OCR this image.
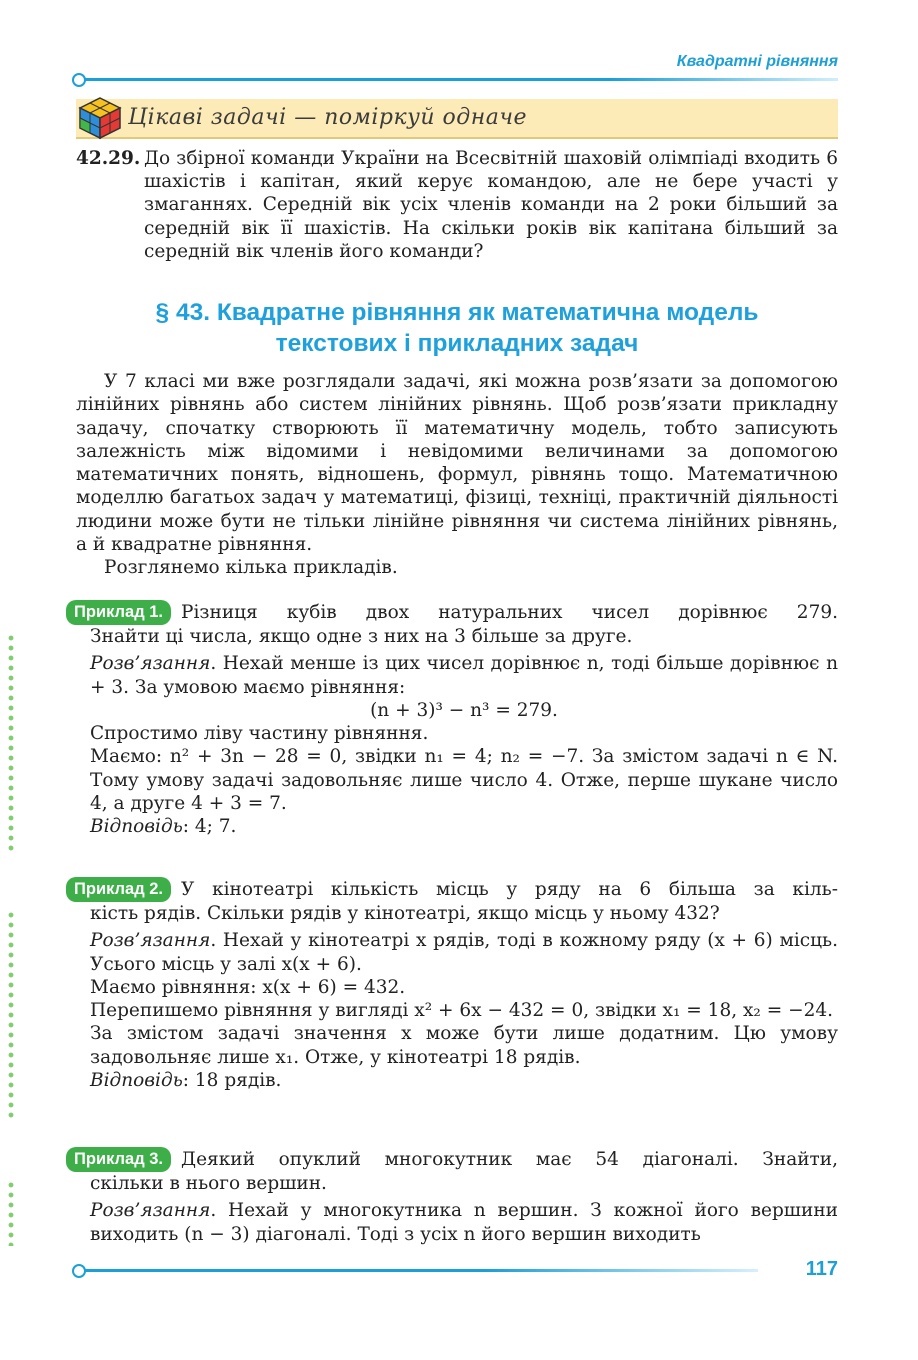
Квадратні рівняння
Цікаві задачі — поміркуй одначе
42.29. До збірної команди України на Всесвітній шаховій олімпіаді входить 6 шахістів і капітан, який керує командою, але не бере участі у змаганнях. Середній вік усіх членів команди на 2 роки більший за середній вік її шахістів. На скільки років вік капітана більший за середній вік членів його команди?
§ 43. Квадратне рівняння як математична модель
текстових і прикладних задач

У 7 класі ми вже розглядали задачі, які можна розв’язати за допомогою лінійних рівнянь або систем лінійних рівнянь. Щоб розв’язати прикладну задачу, спочатку створюють її математичну модель, тобто записують залежність між відомими і невідомими величинами за допомогою математичних понять, відношень, формул, рівнянь тощо. Математичною моделлю багатьох задач у математиці, фізиці, техніці, практичній діяльності людини може бути не тільки лінійне рівняння чи система лінійних рівнянь, а й квадратне рівняння.

Розглянемо кілька прикладів.

Приклад 1. Різниця кубів двох натуральних чисел дорівнює 279.

Знайти ці числа, якщо одне з них на 3 більше за друге.

Розв’язання. Нехай менше із цих чисел дорівнює n, тоді більше дорівнює n + 3. За умовою маємо рівняння:

(n + 3)³ − n³ = 279.

Спростимо ліву частину рівняння.

Маємо: n² + 3n − 28 = 0, звідки n₁ = 4; n₂ = −7. За змістом задачі n ∈ N. Тому умову задачі задовольняє лише число 4. Отже, перше шукане число 4, а друге 4 + 3 = 7.

Відповідь: 4; 7.

Приклад 2. У кінотеатрі кількість місць у ряду на 6 більша за кіль-

кість рядів. Скільки рядів у кінотеатрі, якщо місць у ньому 432?

Розв’язання. Нехай у кінотеатрі x рядів, тоді в кожному ряду (x + 6) місць. Усього місць у залі x(x + 6).

Маємо рівняння: x(x + 6) = 432.

Перепишемо рівняння у вигляді x² + 6x − 432 = 0, звідки x₁ = 18, x₂ = −24.

За змістом задачі значення x може бути лише додатним. Цю умову задовольняє лише x₁. Отже, у кінотеатрі 18 рядів.

Відповідь: 18 рядів.

Приклад 3. Деякий опуклий многокутник має 54 діагоналі. Знайти,

скільки в нього вершин.

Розв’язання. Нехай у многокутника n вершин. З кожної його вершини виходить (n − 3) діагоналі. Тоді з усіх n його вершин виходить

117
